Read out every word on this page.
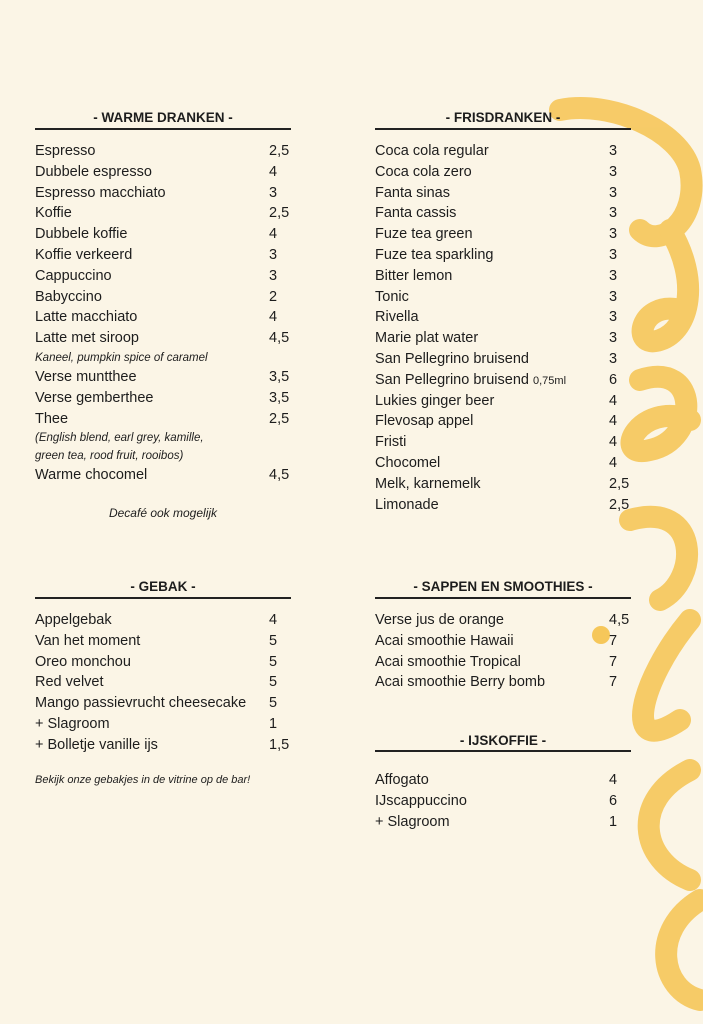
- WARME DRANKEN -
Espresso	2,5
Dubbele espresso	4
Espresso macchiato	3
Koffie	2,5
Dubbele koffie	4
Koffie verkeerd	3
Cappuccino	3
Babyccino	2
Latte macchiato	4
Latte met siroop	4,5
Kaneel, pumpkin spice of caramel
Verse muntthee	3,5
Verse gemberthee	3,5
Thee	2,5
(English blend, earl grey, kamille,
green tea, rood fruit, rooibos)
Warme chocomel	4,5
Decafé ook mogelijk
- GEBAK -
Appelgebak	4
Van het moment	5
Oreo monchou	5
Red velvet	5
Mango passievrucht cheesecake 5
+ Slagroom	1
+ Bolletje vanille ijs	1,5
Bekijk onze gebakjes in de vitrine op de bar!
- FRISDRANKEN -
Coca cola regular	3
Coca cola zero	3
Fanta sinas	3
Fanta cassis	3
Fuze tea green	3
Fuze tea sparkling	3
Bitter lemon	3
Tonic	3
Rivella	3
Marie plat water	3
San Pellegrino bruisend	3
San Pellegrino bruisend 0,75ml	6
Lukies ginger beer	4
Flevosap appel	4
Fristi	4
Chocomel	4
Melk, karnemelk	2,5
Limonade	2,5
- SAPPEN EN SMOOTHIES -
Verse jus de orange	4,5
Acai smoothie Hawaii	7
Acai smoothie Tropical	7
Acai smoothie Berry bomb	7
- IJSKOFFIE -
Affogato	4
IJscappuccino	6
+ Slagroom	1
